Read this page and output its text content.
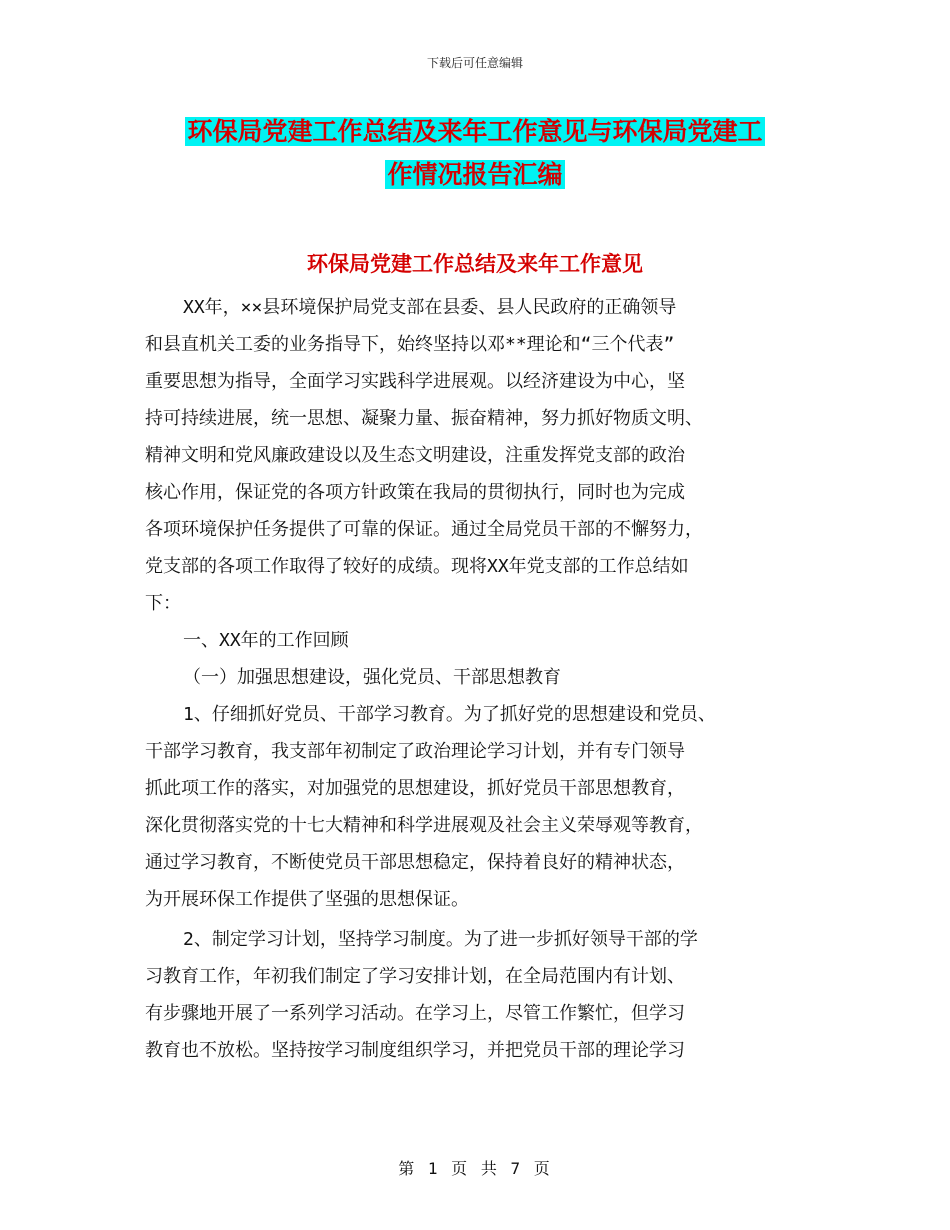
下载后可任意编辑
环保局党建工作总结及来年工作意见与环保局党建工
作情况报告汇编
环保局党建工作总结及来年工作意见
XX年，××县环境保护局党支部在县委、县人民政府的正确领导
和县直机关工委的业务指导下，始终坚持以邓**理论和“三个代表”
重要思想为指导，全面学习实践科学进展观。以经济建设为中心，坚
持可持续进展，统一思想、凝聚力量、振奋精神，努力抓好物质文明、
精神文明和党风廉政建设以及生态文明建设，注重发挥党支部的政治
核心作用，保证党的各项方针政策在我局的贯彻执行，同时也为完成
各项环境保护任务提供了可靠的保证。通过全局党员干部的不懈努力，
党支部的各项工作取得了较好的成绩。现将XX年党支部的工作总结如
下：
一、XX年的工作回顾
（一）加强思想建设，强化党员、干部思想教育
1、仔细抓好党员、干部学习教育。为了抓好党的思想建设和党员、
干部学习教育，我支部年初制定了政治理论学习计划，并有专门领导
抓此项工作的落实，对加强党的思想建设，抓好党员干部思想教育，
深化贯彻落实党的十七大精神和科学进展观及社会主义荣辱观等教育，
通过学习教育，不断使党员干部思想稳定，保持着良好的精神状态，
为开展环保工作提供了坚强的思想保证。
2、制定学习计划，坚持学习制度。为了进一步抓好领导干部的学
习教育工作，年初我们制定了学习安排计划，在全局范围内有计划、
有步骤地开展了一系列学习活动。在学习上，尽管工作繁忙，但学习
教育也不放松。坚持按学习制度组织学习，并把党员干部的理论学习
第 1 页 共 7 页
